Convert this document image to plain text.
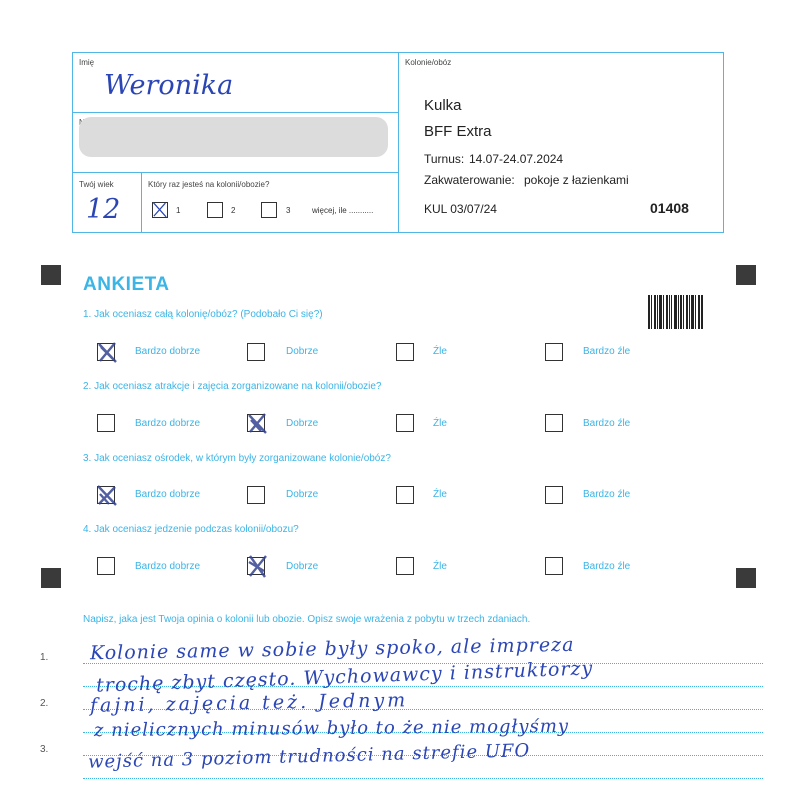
Imię
Weronika
Twój wiek
12
Który raz jesteś na kolonii/obozie?
1	2	3	więcej, ile ...........
Kolonie/obóz
Kulka
BFF Extra
Turnus: 14.07-24.07.2024
Zakwaterowanie: pokoje z łazienkami
KUL 03/07/24	01408
ANKIETA
1. Jak oceniasz całą kolonię/obóz? (Podobało Ci się?)
Bardzo dobrze	Dobrze	Źle	Bardzo źle
2. Jak oceniasz atrakcje i zajęcia zorganizowane na kolonii/obozie?
Bardzo dobrze	Dobrze	Źle	Bardzo źle
3. Jak oceniasz ośrodek, w którym były zorganizowane kolonie/obóz?
Bardzo dobrze	Dobrze	Źle	Bardzo źle
4. Jak oceniasz jedzenie podczas kolonii/obozu?
Bardzo dobrze	Dobrze	Źle	Bardzo źle
Napisz, jaka jest Twoja opinia o kolonii lub obozie. Opisz swoje wrażenia z pobytu w trzech zdaniach.
1.
2.
3.
Kolonie same w sobie były spoko, ale impreza
trochę zbyt często. Wychowawcy i instruktorzy
fajni, zajęcia też. Jednym
z nielicznych minusów było to że nie mogłyśmy
wejść na 3 poziom trudności na strefie UFO
